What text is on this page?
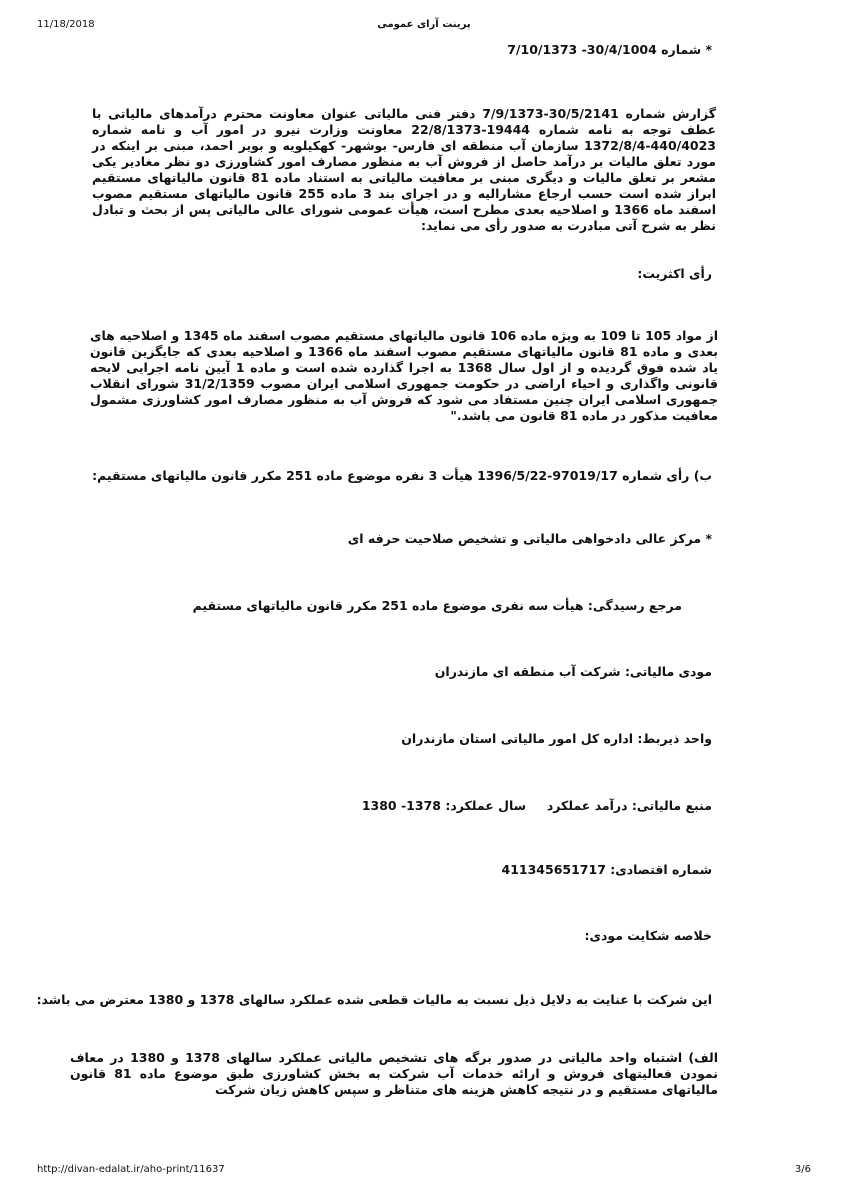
11/18/2018	پرینت آرای عمومی
* شماره 30/4/1004- 7/10/1373
گزارش شماره 30/5/2141-7/9/1373 دفتر فنی مالیاتی عنوان معاونت محترم درآمدهای مالیاتی با عطف توجه به نامه شماره 19444-22/8/1373 معاونت وزارت نیرو در امور آب و نامه شماره 440/4023-1372/8/4 سازمان آب منطقه ای فارس- بوشهر- کهکیلویه و بویر احمد، مبنی بر اینکه در مورد تعلق مالیات بر درآمد حاصل از فروش آب به منظور مصارف امور کشاورزی دو نظر مغادیر یکی مشعر بر تعلق مالیات و دیگری مبنی بر معافیت مالیاتی به استناد ماده 81 قانون مالیاتهای مستقیم ابراز شده است حسب ارجاع مشارالیه و در اجرای بند 3 ماده 255 قانون مالیاتهای مستقیم مصوب اسفند ماه 1366 و اصلاحیه بعدی مطرح است، هیأت عمومی شورای عالی مالیاتی پس از بحث و تبادل نظر به شرح آتی مبادرت به صدور رأی می نماید:
رأی اکثریت:
از مواد 105 تا 109 به ویژه ماده 106 قانون مالیاتهای مستقیم مصوب اسفند ماه 1345 و اصلاحیه های بعدی و ماده 81 قانون مالیاتهای مستقیم مصوب اسفند ماه 1366 و اصلاحیه بعدی که جایگزین قانون یاد شده فوق گردیده و از اول سال 1368 به اجرا گذارده شده است و ماده 1 آیین نامه اجرایی لایحه قانونی واگذاری و احیاء اراضی در حکومت جمهوری اسلامی ایران مصوب 31/2/1359 شورای انقلاب جمهوری اسلامی ایران چنین مستفاد می شود که فروش آب به منظور مصارف امور کشاورزی مشمول معافیت مذکور در ماده 81 قانون می باشد."
ب) رأی شماره 97019/17-1396/5/22 هیأت 3 نفره موضوع ماده 251 مکرر قانون مالیاتهای مستقیم:
* مرکز عالی دادخواهی مالیاتی و تشخیص صلاحیت حرفه ای
مرجع رسیدگی: هیأت سه نفری موضوع ماده 251 مکرر قانون مالیاتهای مستقیم
مودی مالیاتی: شرکت آب منطقه ای مازندران
واحد ذیربط: اداره کل امور مالیاتی استان مازندران
منبع مالیاتی: درآمد عملکرد
سال عملکرد: 1378- 1380
شماره اقتصادی: 411345651717
خلاصه شکایت مودی:
این شرکت با عنایت به دلایل ذیل نسبت به مالیات قطعی شده عملکرد سالهای 1378 و 1380 معترض می باشد:
الف) اشتباه واحد مالیاتی در صدور برگه های تشخیص مالیاتی عملکرد سالهای 1378 و 1380 در معاف نمودن فعالیتهای فروش و ارائه خدمات آب شرکت به بخش کشاورزی طبق موضوع ماده 81 قانون مالیاتهای مستقیم و در نتیجه کاهش هزینه های متناظر و سپس کاهش زیان شرکت
http://divan-edalat.ir/aho-print/11637	3/6
